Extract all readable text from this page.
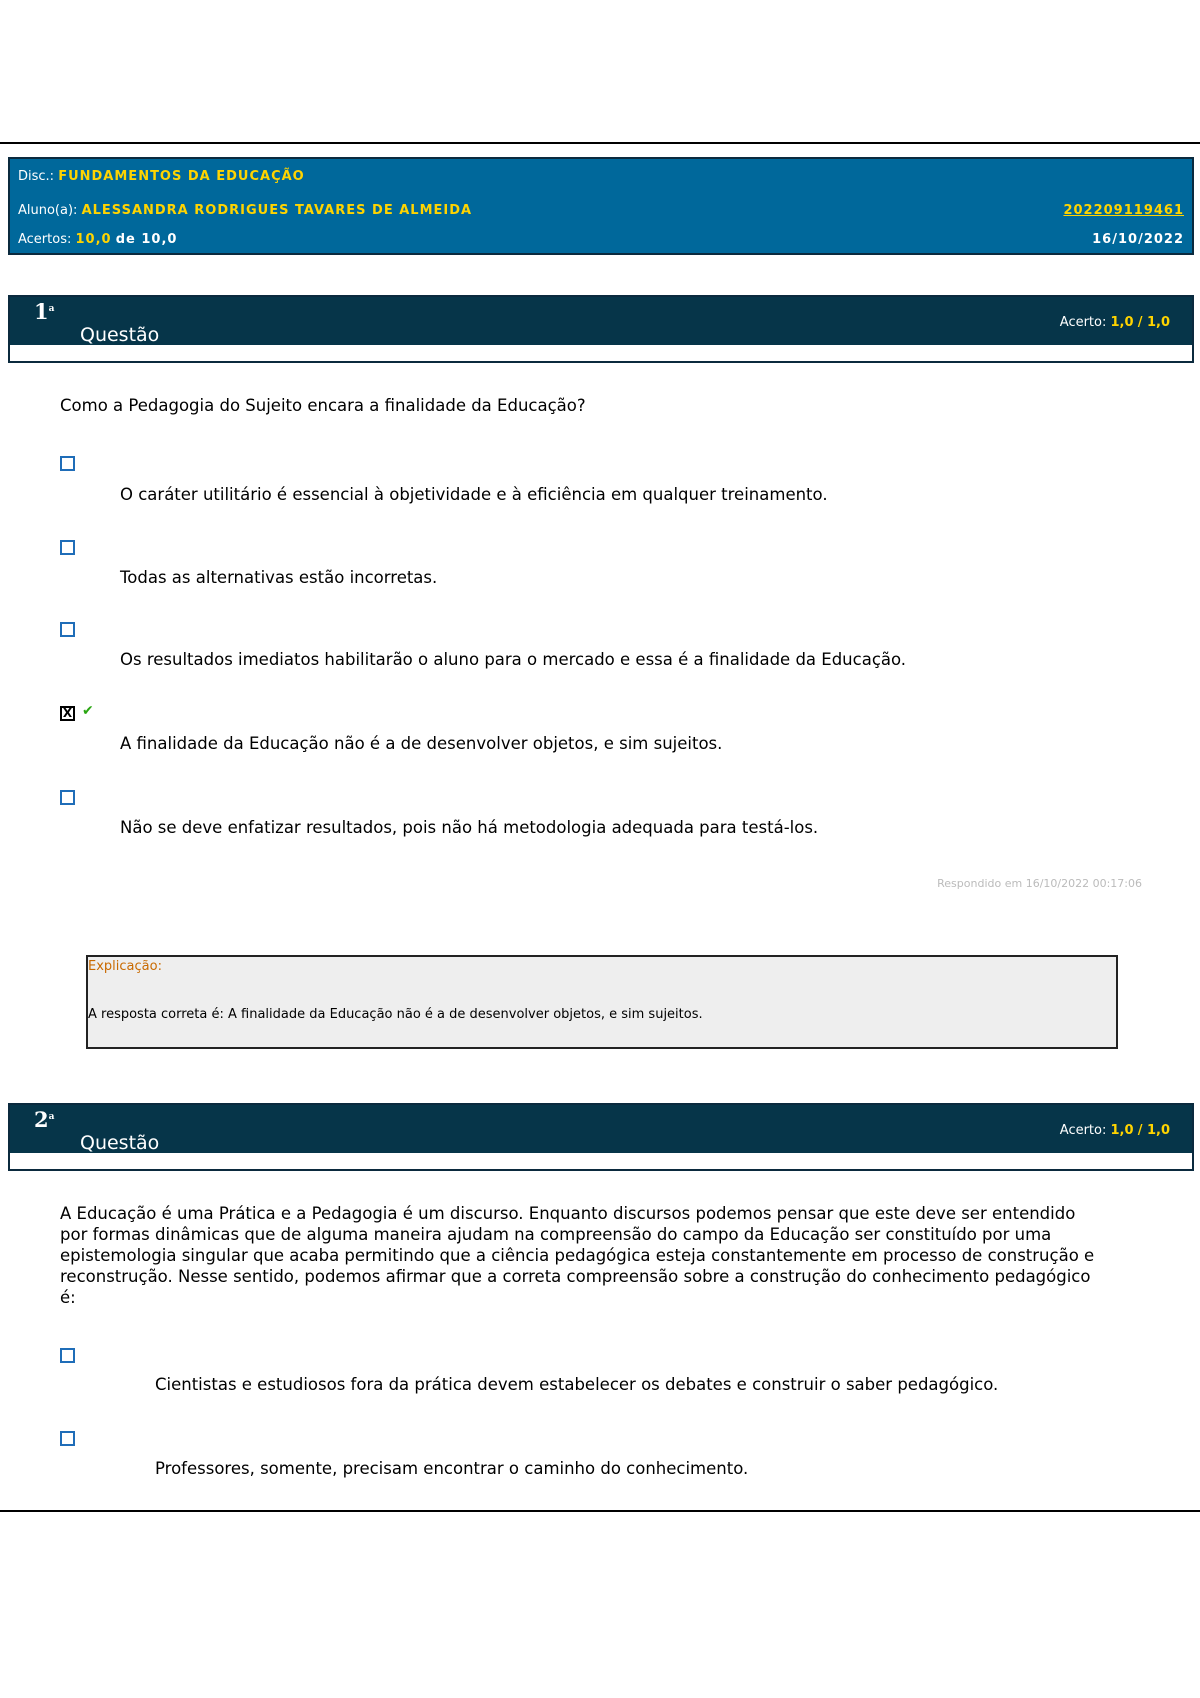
Disc.: FUNDAMENTOS DA EDUCAÇÃO
Aluno(a): ALESSANDRA RODRIGUES TAVARES DE ALMEIDA	202209119461
Acertos: 10,0 de 10,0	16/10/2022
1$^a$
Questão
Acerto: 1,0 / 1,0
Como a Pedagogia do Sujeito encara a finalidade da Educação?
O caráter utilitário é essencial à objetividade e à eficiência em qualquer treinamento.
Todas as alternativas estão incorretas.
Os resultados imediatos habilitarão o aluno para o mercado e essa é a finalidade da Educação.
X ✔
A finalidade da Educação não é a de desenvolver objetos, e sim sujeitos.
Não se deve enfatizar resultados, pois não há metodologia adequada para testá-los.
Respondido em 16/10/2022 00:17:06
Explicação:
A resposta correta é: A finalidade da Educação não é a de desenvolver objetos, e sim sujeitos.
2$^a$
Questão
Acerto: 1,0 / 1,0
A Educação é uma Prática e a Pedagogia é um discurso. Enquanto discursos podemos pensar que este deve ser entendido
por formas dinâmicas que de alguma maneira ajudam na compreensão do campo da Educação ser constituído por uma
epistemologia singular que acaba permitindo que a ciência pedagógica esteja constantemente em processo de construção e
reconstrução. Nesse sentido, podemos afirmar que a correta compreensão sobre a construção do conhecimento pedagógico
é:
Cientistas e estudiosos fora da prática devem estabelecer os debates e construir o saber pedagógico.
Professores, somente, precisam encontrar o caminho do conhecimento.
